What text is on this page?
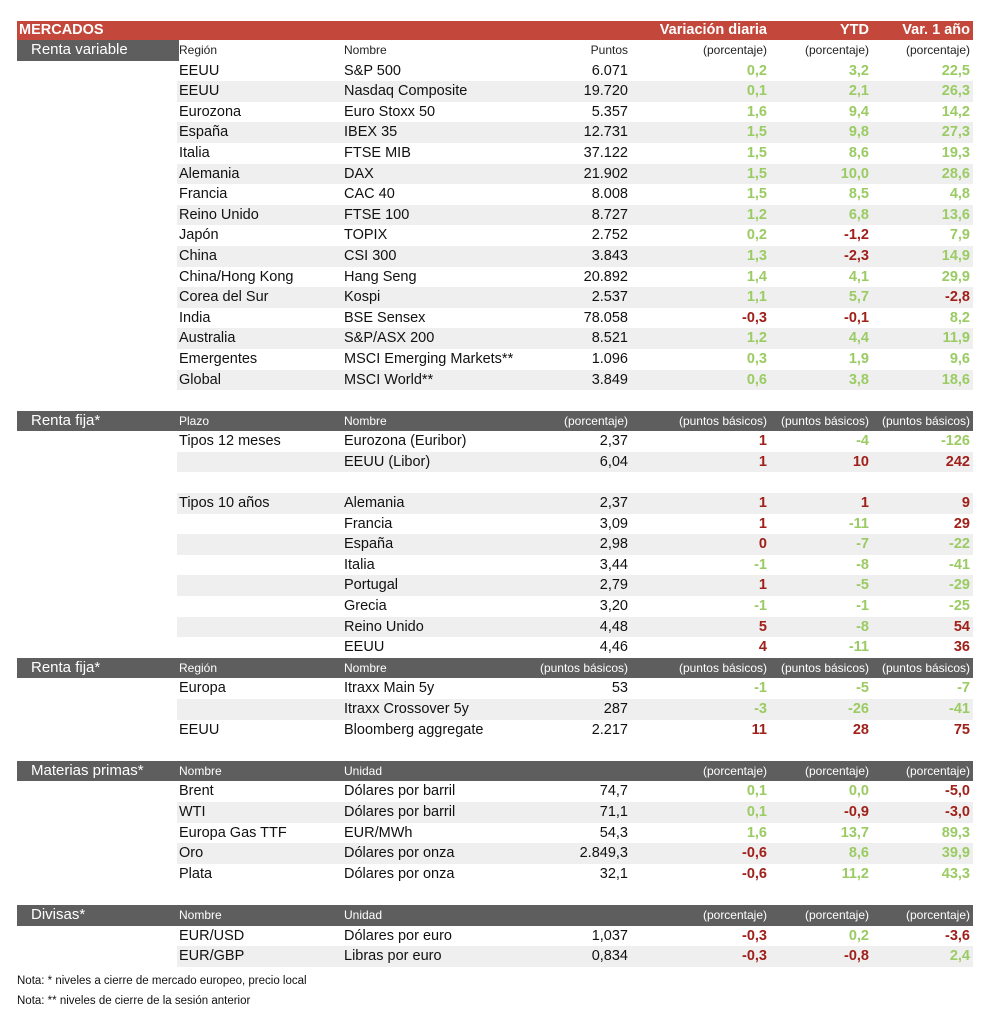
MERCADOS	Variación diaria	YTD Var. 1 año
Renta variable	Región	Nombre	Puntos	(porcentaje)	(porcentaje)	(porcentaje)
EEUU	S&P 500	6.071	0,2	3,2	22,5
EEUU	Nasdaq Composite	19.720	0,1	2,1	26,3
Eurozona	Euro Stoxx 50	5.357	1,6	9,4	14,2
España	IBEX 35	12.731	1,5	9,8	27,3
Italia	FTSE MIB	37.122	1,5	8,6	19,3
Alemania	DAX	21.902	1,5	10,0	28,6
Francia	CAC 40	8.008	1,5	8,5	4,8
Reino Unido	FTSE 100	8.727	1,2	6,8	13,6
Japón	TOPIX	2.752	0,2	-1,2	7,9
China	CSI 300	3.843	1,3	-2,3	14,9
China/Hong Kong	Hang Seng	20.892	1,4	4,1	29,9
Corea del Sur	Kospi	2.537	1,1	5,7	-2,8
India	BSE Sensex	78.058	-0,3	-0,1	8,2
Australia	S&P/ASX 200	8.521	1,2	4,4	11,9
Emergentes	MSCI Emerging Markets**	1.096	0,3	1,9	9,6
Global	MSCI World**	3.849	0,6	3,8	18,6
Renta fija*	Plazo	Nombre	(porcentaje)	(puntos básicos) (puntos básicos) (puntos básicos)
Tipos 12 meses	Eurozona (Euribor)	2,37	1	-4	-126
EEUU (Libor)	6,04	1	10	242
Tipos 10 años	Alemania	2,37	1	1	9
Francia	3,09	1	-11	29
España	2,98	0	-7	-22
Italia	3,44	-1	-8	-41
Portugal	2,79	1	-5	-29
Grecia	3,20	-1	-1	-25
Reino Unido	4,48	5	-8	54
EEUU	4,46	4	-11	36
Renta fija*	Región	Nombre	(puntos básicos)	(puntos básicos) (puntos básicos) (puntos básicos)
Europa	Itraxx Main 5y	53	-1	-5	-7
Itraxx Crossover 5y	287	-3	-26	-41
EEUU	Bloomberg aggregate	2.217	11	28	75
Materias primas*	Nombre	Unidad	(porcentaje)	(porcentaje)	(porcentaje)
Brent	Dólares por barril	74,7	0,1	0,0	-5,0
WTI	Dólares por barril	71,1	0,1	-0,9	-3,0
Europa Gas TTF	EUR/MWh	54,3	1,6	13,7	89,3
Oro	Dólares por onza	2.849,3	-0,6	8,6	39,9
Plata	Dólares por onza	32,1	-0,6	11,2	43,3
Divisas*	Nombre	Unidad	(porcentaje)	(porcentaje)	(porcentaje)
EUR/USD	Dólares por euro	1,037	-0,3	0,2	-3,6
EUR/GBP	Libras por euro	0,834	-0,3	-0,8	2,4
Nota: * niveles a cierre de mercado europeo, precio local
Nota: ** niveles de cierre de la sesión anterior
